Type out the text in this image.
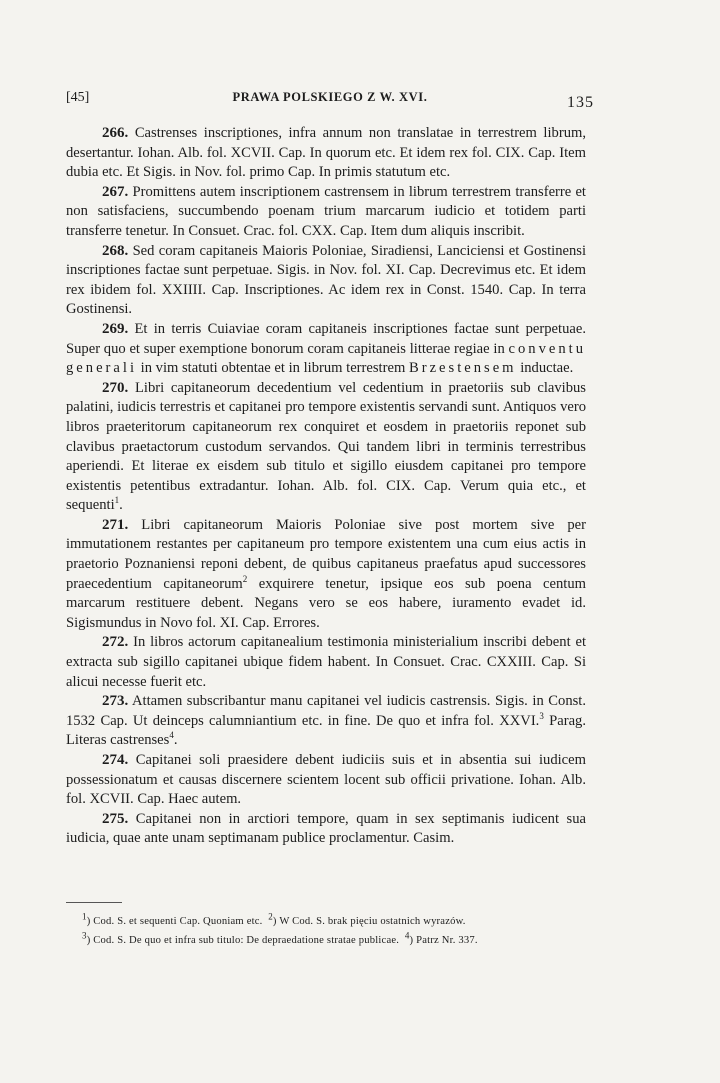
[45]	PRAWA POLSKIEGO Z W. XVI.	135

266. Castrenses inscriptiones, infra annum non translatae in terrestrem librum, desertantur. Iohan. Alb. fol. XCVII. Cap. In quorum etc. Et idem rex fol. CIX. Cap. Item dubia etc. Et Sigis. in Nov. fol. primo Cap. In primis statutum etc.

267. Promittens autem inscriptionem castrensem in librum terrestrem transferre et non satisfaciens, succumbendo poenam trium marcarum iudicio et totidem parti transferre tenetur. In Consuet. Crac. fol. CXX. Cap. Item dum aliquis inscribit.

268. Sed coram capitaneis Maioris Poloniae, Siradiensi, Lanciciensi et Gostinensi inscriptiones factae sunt perpetuae. Sigis. in Nov. fol. XI. Cap. Decrevimus etc. Et idem rex ibidem fol. XXIIII. Cap. Inscriptiones. Ac idem rex in Const. 1540. Cap. In terra Gostinensi.

269. Et in terris Cuiaviae coram capitaneis inscriptiones factae sunt perpetuae. Super quo et super exemptione bonorum coram capitaneis litterae regiae in conventu generali in vim statuti obtentae et in librum terrestrem Brzestensem inductae.

270. Libri capitaneorum decedentium vel cedentium in praetoriis sub clavibus palatini, iudicis terrestris et capitanei pro tempore existentis servandi sunt. Antiquos vero libros praeteritorum capitaneorum rex conquiret et eosdem in praetoriis reponet sub clavibus praetactorum custodum servandos. Qui tandem libri in terminis terrestribus aperiendi. Et literae ex eisdem sub titulo et sigillo eiusdem capitanei pro tempore existentis petentibus extradantur. Iohan. Alb. fol. CIX. Cap. Verum quia etc., et sequenti$^1$.

271. Libri capitaneorum Maioris Poloniae sive post mortem sive per immutationem restantes per capitaneum pro tempore existentem una cum eius actis in praetorio Poznaniensi reponi debent, de quibus capitaneus praefatus apud successores praecedentium capitaneorum$^2$ exquirere tenetur, ipsique eos sub poena centum marcarum restituere debent. Negans vero se eos habere, iuramento evadet id. Sigismundus in Novo fol. XI. Cap. Errores.

272. In libros actorum capitanealium testimonia ministerialium inscribi debent et extracta sub sigillo capitanei ubique fidem habent. In Consuet. Crac. CXXIII. Cap. Si alicui necesse fuerit etc.

273. Attamen subscribantur manu capitanei vel iudicis castrensis. Sigis. in Const. 1532 Cap. Ut deinceps calumniantium etc. in fine. De quo et infra fol. XXVI.$^3$ Parag. Literas castrenses$^4$.

274. Capitanei soli praesidere debent iudiciis suis et in absentia sui iudicem possessionatum et causas discernere scientem locent sub officii privatione. Iohan. Alb. fol. XCVII. Cap. Haec autem.

275. Capitanei non in arctiori tempore, quam in sex septimanis iudicent sua iudicia, quae ante unam septimanam publice proclamentur. Casim.

$^1$) Cod. S. et sequenti Cap. Quoniam etc. $^2$) W Cod. S. brak pięciu ostatnich wyrazów.

$^3$) Cod. S. De quo et infra sub titulo: De depraedatione stratae publicae. $^4$) Patrz Nr. 337.
